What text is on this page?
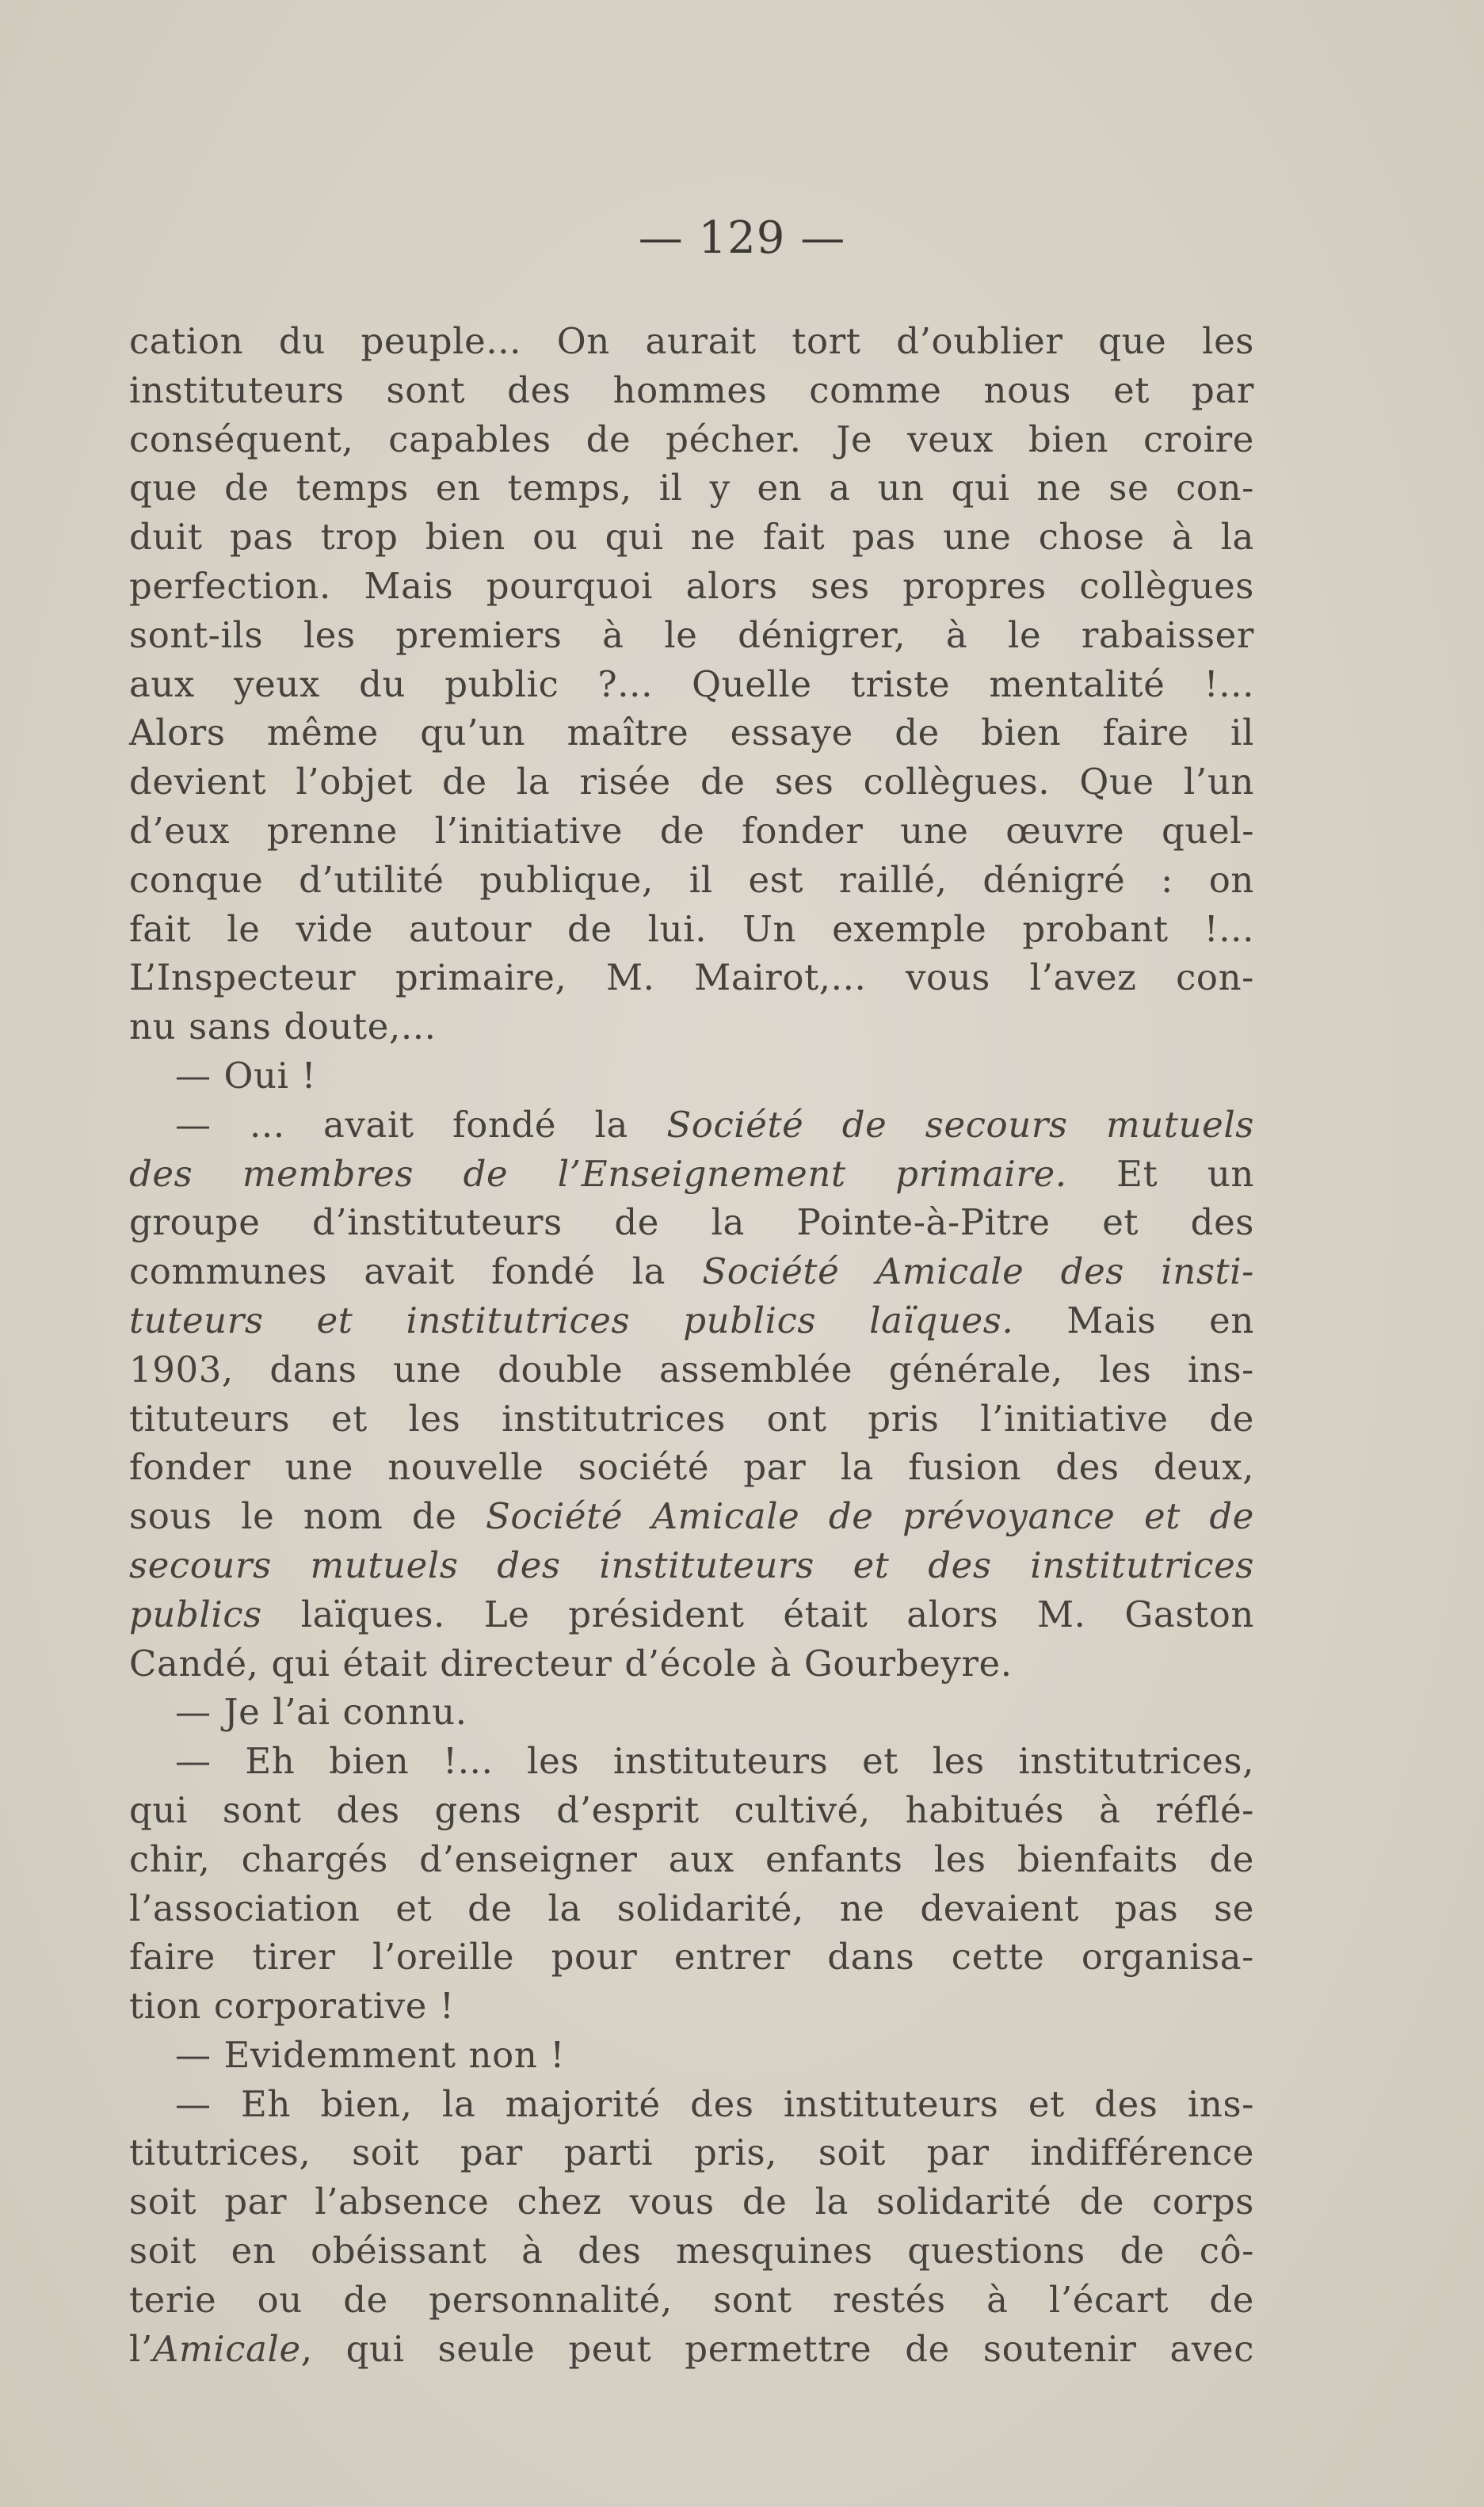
— 129 —
cation du peuple... On aurait tort d’oublier que les
instituteurs sont des hommes comme nous et par
conséquent, capables de pécher. Je veux bien croire
que de temps en temps, il y en a un qui ne se con-
duit pas trop bien ou qui ne fait pas une chose à la
perfection. Mais pourquoi alors ses propres collègues
sont-ils les premiers à le dénigrer, à le rabaisser
aux yeux du public ?... Quelle triste mentalité !...
Alors même qu’un maître essaye de bien faire il
devient l’objet de la risée de ses collègues. Que l’un
d’eux prenne l’initiative de fonder une œuvre quel-
conque d’utilité publique, il est raillé, dénigré : on
fait le vide autour de lui. Un exemple probant !...
L’Inspecteur primaire, M. Mairot,... vous l’avez con-
nu sans doute,...
— Oui !
— ... avait fondé la Société de secours mutuels
des membres de l’Enseignement primaire. Et un
groupe d’instituteurs de la Pointe-à-Pitre et des
communes avait fondé la Société Amicale des insti-
tuteurs et institutrices publics laïques. Mais en
1903, dans une double assemblée générale, les ins-
tituteurs et les institutrices ont pris l’initiative de
fonder une nouvelle société par la fusion des deux,
sous le nom de Société Amicale de prévoyance et de
secours mutuels des instituteurs et des institutrices
publics laïques. Le président était alors M. Gaston
Candé, qui était directeur d’école à Gourbeyre.
— Je l’ai connu.
— Eh bien !... les instituteurs et les institutrices,
qui sont des gens d’esprit cultivé, habitués à réflé-
chir, chargés d’enseigner aux enfants les bienfaits de
l’association et de la solidarité, ne devaient pas se
faire tirer l’oreille pour entrer dans cette organisa-
tion corporative !
— Evidemment non !
— Eh bien, la majorité des instituteurs et des ins-
titutrices, soit par parti pris, soit par indifférence
soit par l’absence chez vous de la solidarité de corps
soit en obéissant à des mesquines questions de cô-
terie ou de personnalité, sont restés à l’écart de
l’Amicale, qui seule peut permettre de soutenir avec
